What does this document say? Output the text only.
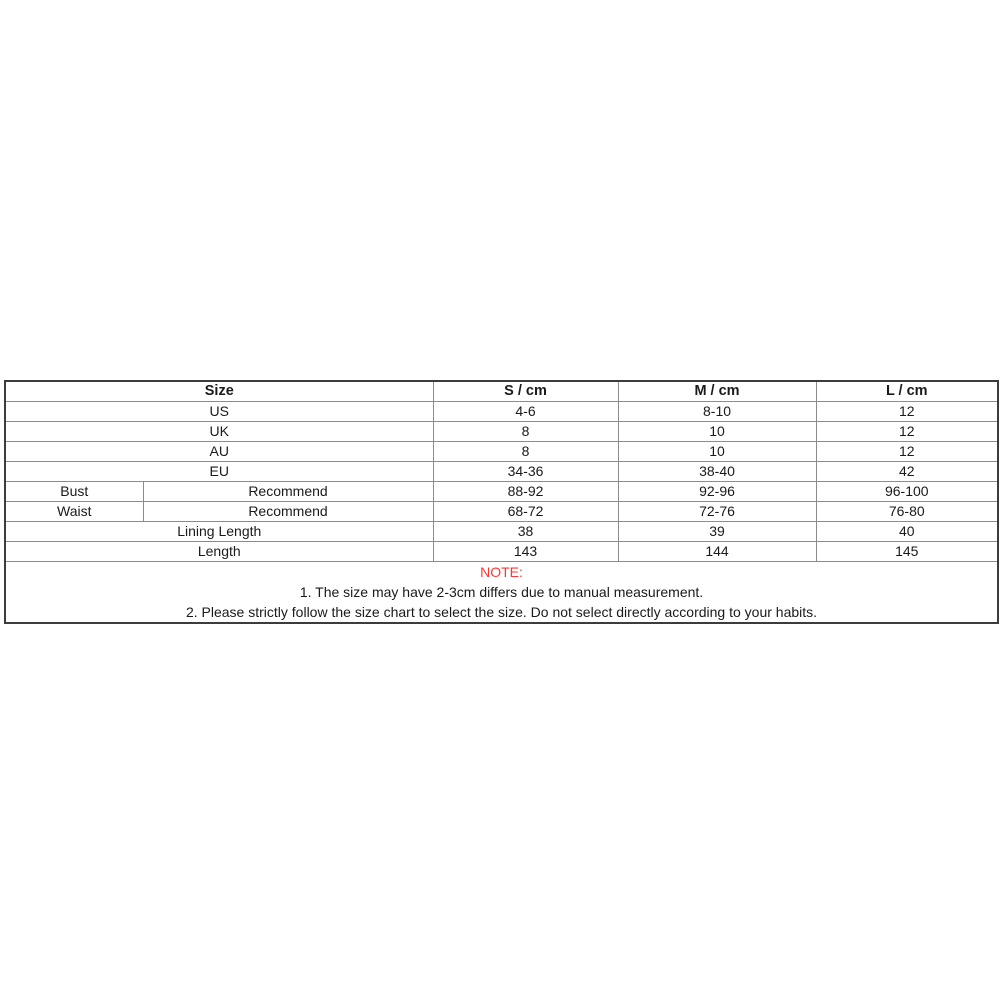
Size		S / cm	M / cm	L / cm
US		4-6	8-10	12
UK		8	10	12
AU		8	10	12
EU		34-36	38-40	42
Bust	Recommend	88-92	92-96	96-100
Waist	Recommend	68-72	72-76	76-80
Lining Length		38	39	40
Length		143	144	145

NOTE:
1. The size may have 2-3cm differs due to manual measurement.
2. Please strictly follow the size chart to select the size. Do not select directly according to your habits.				
